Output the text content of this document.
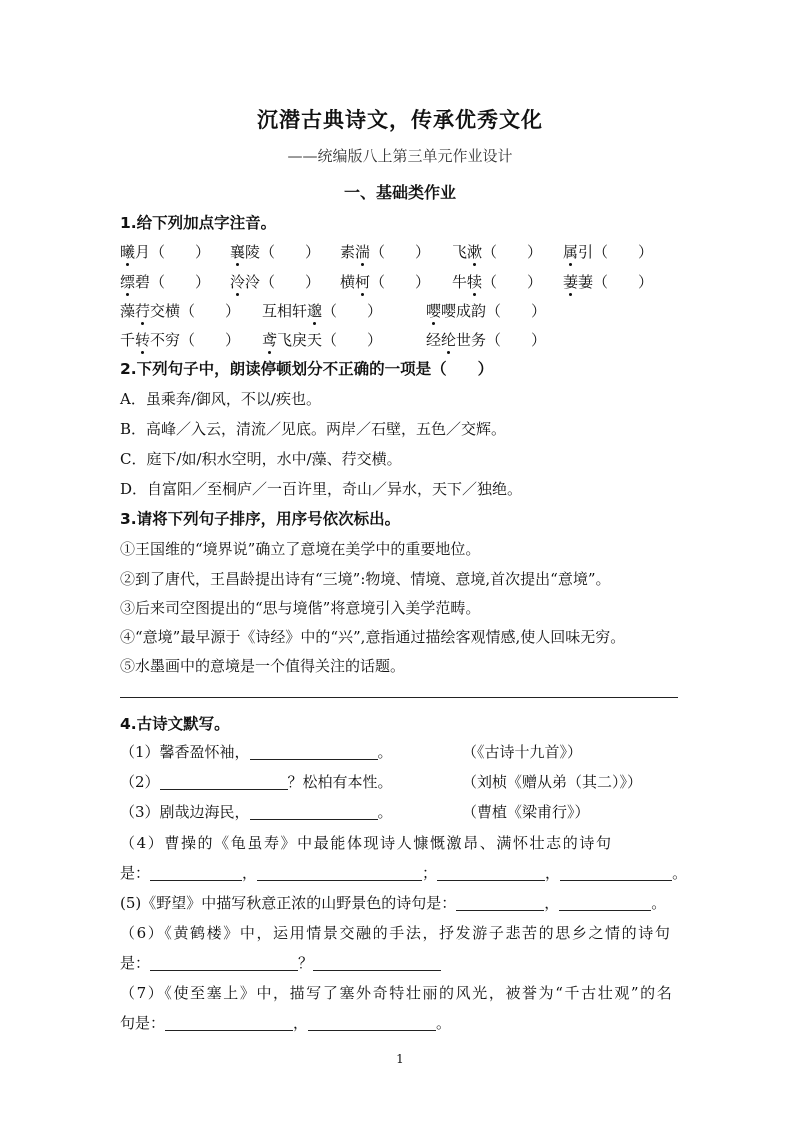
沉潜古典诗文，传承优秀文化
——统编版八上第三单元作业设计
一、基础类作业
1.给下列加点字注音。
曦月（　　） 襄陵（　　） 素湍（　　） 飞漱（　　） 属引（　　）
缥碧（　　） 泠泠（　　） 横柯（　　） 牛犊（　　） 萋萋（　　）
藻荇交横（　　） 互相轩邈（　　）	嘤嘤成韵（　　）
千转不穷（　　） 鸢飞戾天（　　）	经纶世务（　　）
2.下列句子中，朗读停顿划分不正确的一项是（　　）
A．虽乘奔/御风，不以/疾也。
B．高峰／入云，清流／见底。两岸／石壁，五色／交辉。
C．庭下/如/积水空明，水中/藻、荇交横。
D．自富阳／至桐庐／一百许里，奇山／异水，天下／独绝。
3.请将下列句子排序，用序号依次标出。
①王国维的“境界说”确立了意境在美学中的重要地位。
②到了唐代，王昌龄提出诗有“三境”:物境、情境、意境,首次提出“意境”。
③后来司空图提出的“思与境偕”将意境引入美学范畴。
④“意境”最早源于《诗经》中的“兴”,意指通过描绘客观情感,使人回味无穷。
⑤水墨画中的意境是一个值得关注的话题。
4.古诗文默写。
（1）馨香盈怀袖，	。	（《古诗十九首》）
（2）	？松柏有本性。	（刘桢《赠从弟（其二）》）
（3）剧哉边海民，	。	（曹植《梁甫行》）
（4）曹操的《龟虽寿》中最能体现诗人慷慨激昂、满怀壮志的诗句
是：	，	；	，	。
(5)《野望》中描写秋意正浓的山野景色的诗句是：	，	。
（6）《黄鹤楼》中，运用情景交融的手法，抒发游子悲苦的思乡之情的诗句
是：	？
（7）《使至塞上》中，描写了塞外奇特壮丽的风光，被誉为“千古壮观”的名
句是：	，	。
1
